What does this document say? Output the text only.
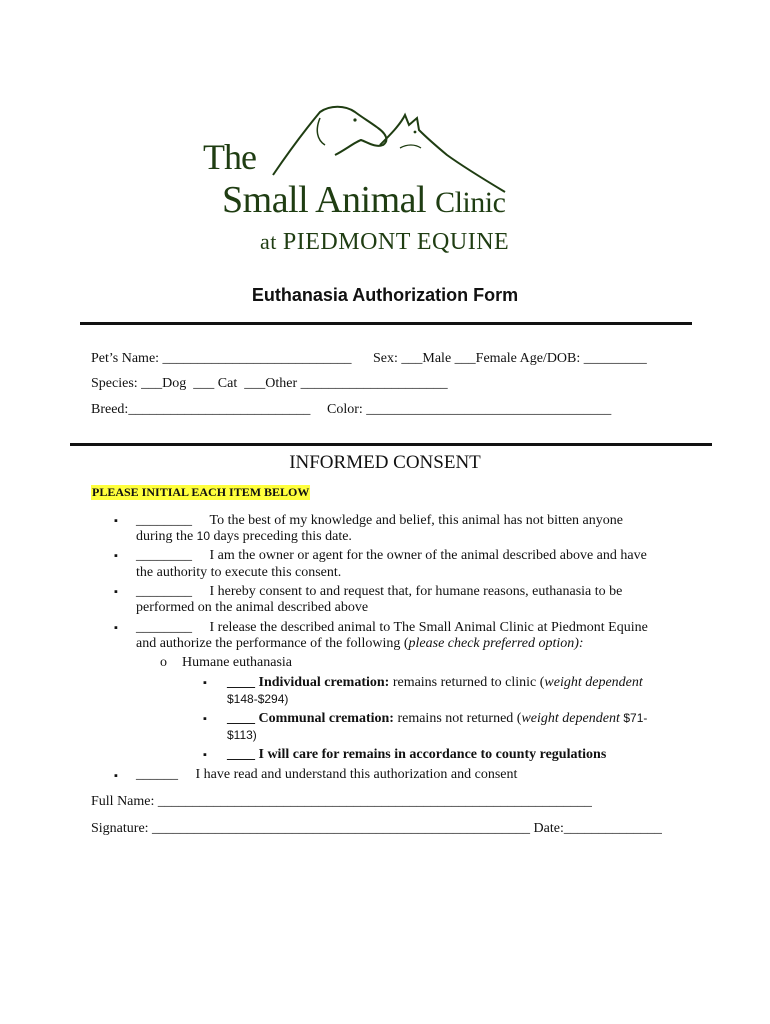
The
Small Animal Clinic
at PIEDMONT EQUINE
Euthanasia Authorization Form
Pet’s Name: ___________________________ Sex: ___Male ___Female Age/DOB: _________
Species: ___Dog ___ Cat ___Other _____________________
Breed:__________________________ Color: ___________________________________
INFORMED CONSENT
PLEASE INITIAL EACH ITEM BELOW
▪ ________ To the best of my knowledge and belief, this animal has not bitten anyone
during the 10 days preceding this date.
▪ ________ I am the owner or agent for the owner of the animal described above and have
the authority to execute this consent.
▪ ________ I hereby consent to and request that, for humane reasons, euthanasia to be
performed on the animal described above
▪ ________ I release the described animal to The Small Animal Clinic at Piedmont Equine
and authorize the performance of the following (please check preferred option):
o Humane euthanasia
▪ ____ Individual cremation: remains returned to clinic (weight dependent
$148-$294)
▪ ____ Communal cremation: remains not returned (weight dependent $71-
$113)
▪ ____ I will care for remains in accordance to county regulations
▪ ______ I have read and understand this authorization and consent
Full Name: ______________________________________________________________
Signature: ______________________________________________________ Date:______________
